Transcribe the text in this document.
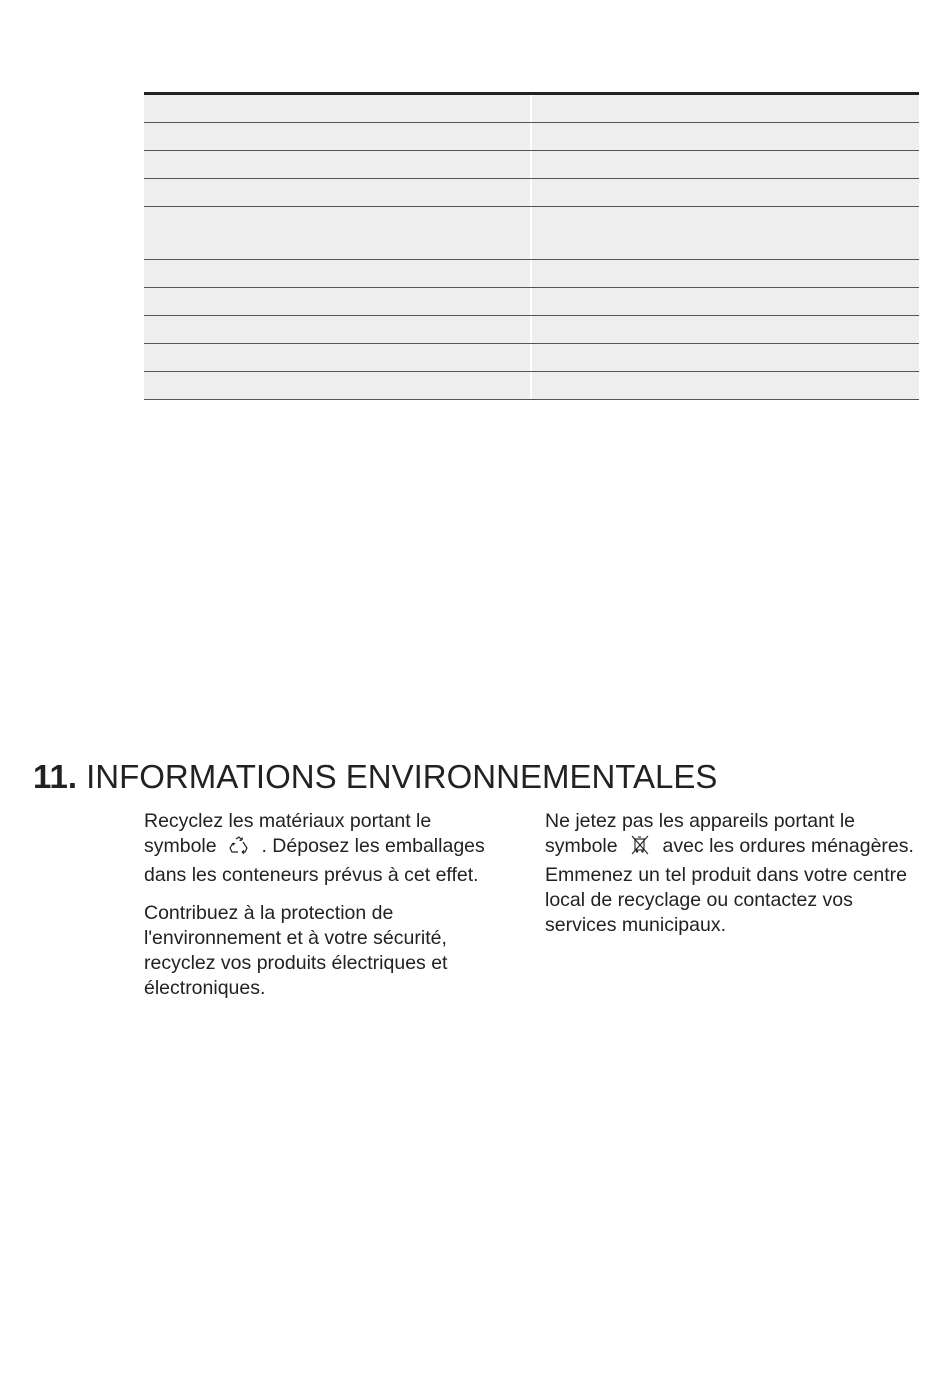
11. INFORMATIONS ENVIRONNEMENTALES

Recyclez les matériaux portant le symbole . Déposez les emballages dans les conteneurs prévus à cet effet.

Contribuez à la protection de l'environnement et à votre sécurité, recyclez vos produits électriques et électroniques.

Ne jetez pas les appareils portant le symbole avec les ordures ménagères. Emmenez un tel produit dans votre centre local de recyclage ou contactez vos services municipaux.
